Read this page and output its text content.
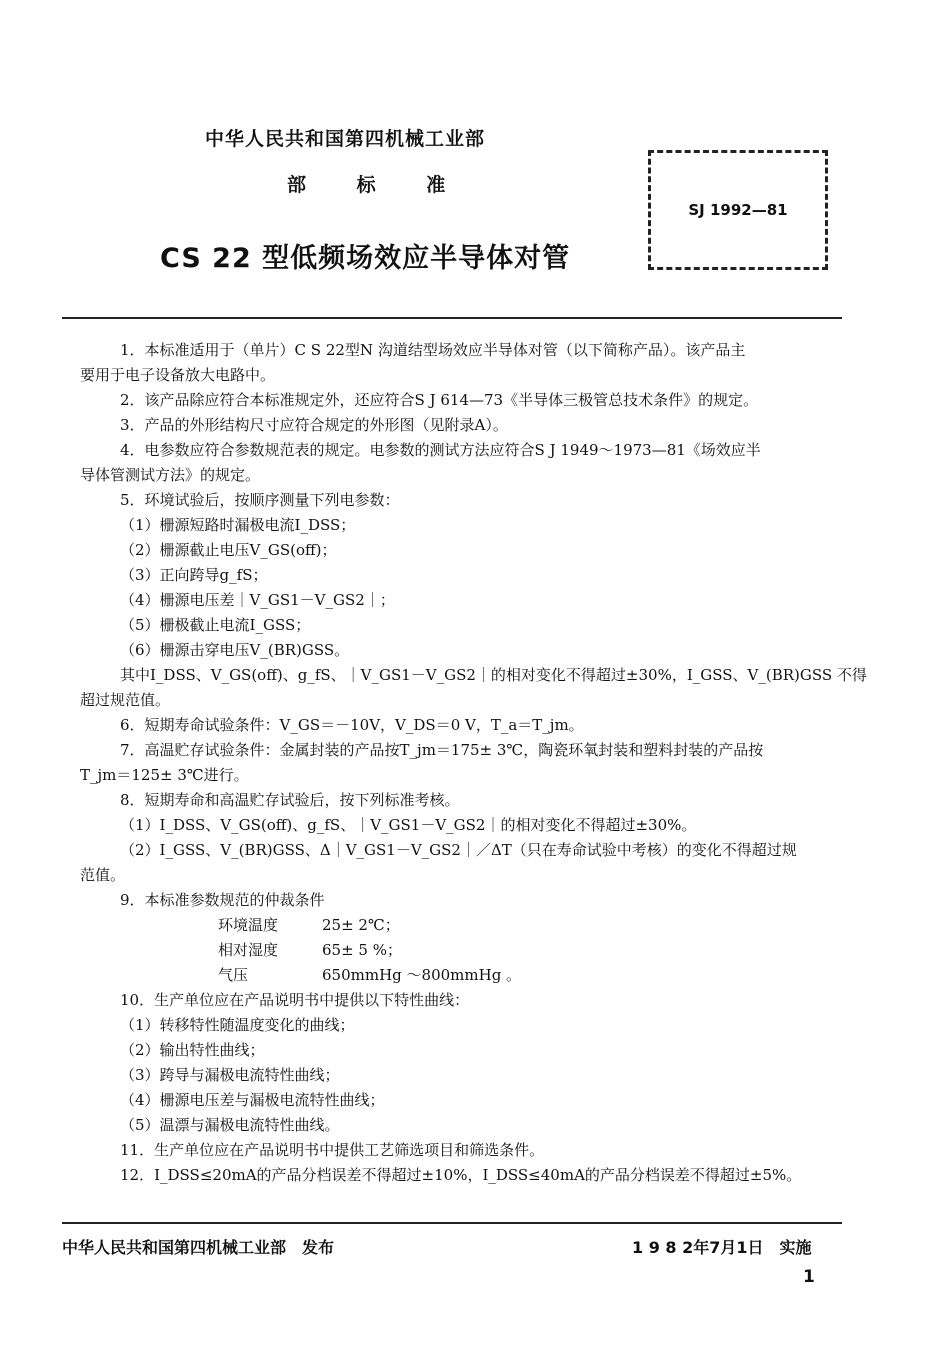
中华人民共和国第四机械工业部
部	标	准
CS 22 型低频场效应半导体对管
SJ 1992—81
1．本标准适用于（单片）C S 22型N 沟道结型场效应半导体对管（以下简称产品）。该产品主
要用于电子设备放大电路中。
2．该产品除应符合本标准规定外，还应符合S J 614—73《半导体三极管总技术条件》的规定。
3．产品的外形结构尺寸应符合规定的外形图（见附录A）。
4．电参数应符合参数规范表的规定。电参数的测试方法应符合S J 1949～1973—81《场效应半
导体管测试方法》的规定。
5．环境试验后，按顺序测量下列电参数：
（1）栅源短路时漏极电流I_DSS；
（2）栅源截止电压V_GS(off)；
（3）正向跨导g_fS；
（4）栅源电压差｜V_GS1－V_GS2｜；
（5）栅极截止电流I_GSS；
（6）栅源击穿电压V_(BR)GSS。
其中I_DSS、V_GS(off)、g_fS、｜V_GS1－V_GS2｜的相对变化不得超过±30%，I_GSS、V_(BR)GSS 不得
超过规范值。
6．短期寿命试验条件：V_GS＝－10V，V_DS＝0 V，T_a＝T_jm。
7．高温贮存试验条件：金属封装的产品按T_jm＝175± 3℃，陶瓷环氧封装和塑料封装的产品按
T_jm＝125± 3℃进行。
8．短期寿命和高温贮存试验后，按下列标准考核。
（1）I_DSS、V_GS(off)、g_fS、｜V_GS1－V_GS2｜的相对变化不得超过±30%。
（2）I_GSS、V_(BR)GSS、Δ｜V_GS1－V_GS2｜／ΔT（只在寿命试验中考核）的变化不得超过规
范值。
9．本标准参数规范的仲裁条件
环境温度	25± 2℃；
相对湿度	65± 5 %；
气压	650mmHg ～800mmHg 。
10．生产单位应在产品说明书中提供以下特性曲线：
（1）转移特性随温度变化的曲线；
（2）输出特性曲线；
（3）跨导与漏极电流特性曲线；
（4）栅源电压差与漏极电流特性曲线；
（5）温漂与漏极电流特性曲线。
11．生产单位应在产品说明书中提供工艺筛选项目和筛选条件。
12．I_DSS≤20mA的产品分档误差不得超过±10%，I_DSS≤40mA的产品分档误差不得超过±5%。
中华人民共和国第四机械工业部　发布	1 9 8 2年7月1日　实施
1
